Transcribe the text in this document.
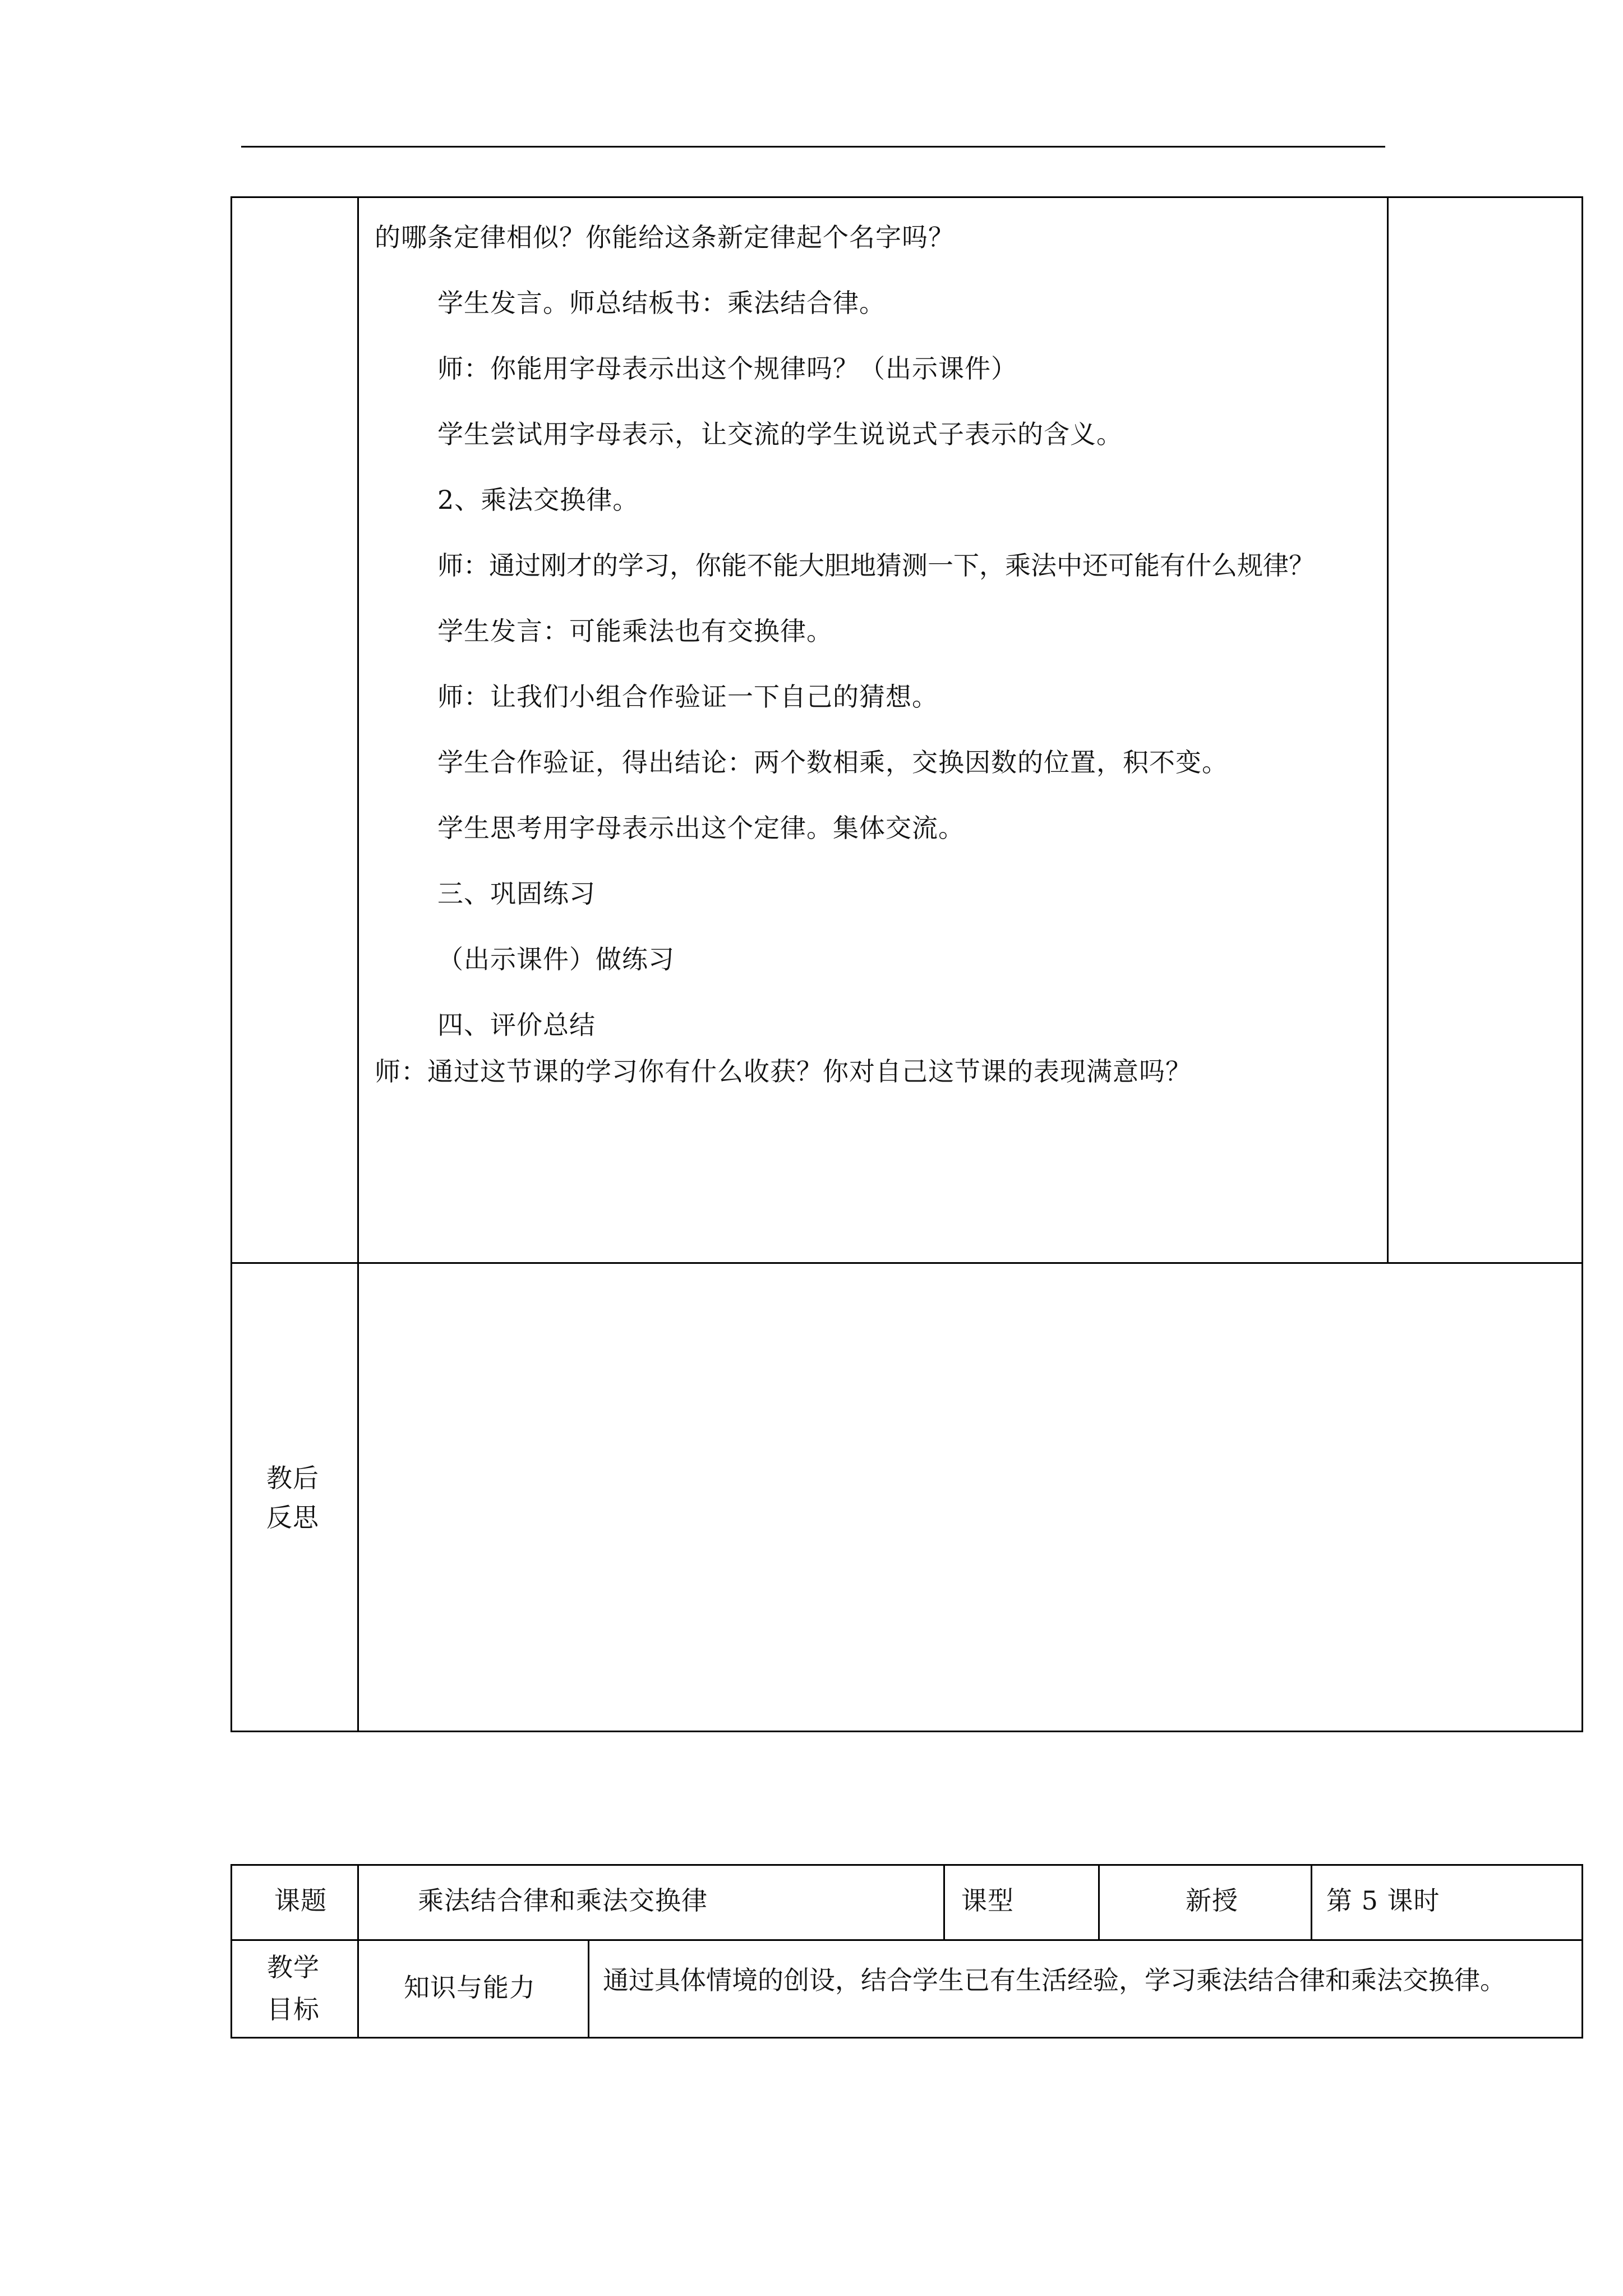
的哪条定律相似？你能给这条新定律起个名字吗？
学生发言。师总结板书：乘法结合律。
师：你能用字母表示出这个规律吗？（出示课件）
学生尝试用字母表示，让交流的学生说说式子表示的含义。
2、乘法交换律。
师：通过刚才的学习，你能不能大胆地猜测一下，乘法中还可能有什么规律？
学生发言：可能乘法也有交换律。
师：让我们小组合作验证一下自己的猜想。
学生合作验证，得出结论：两个数相乘，交换因数的位置，积不变。
学生思考用字母表示出这个定律。集体交流。
三、巩固练习
（出示课件）做练习
四、评价总结
师：通过这节课的学习你有什么收获？你对自己这节课的表现满意吗？
教后
反思
课题	乘法结合律和乘法交换律	课型	新授	第 5 课时
教学
目标
知识与能力	通过具体情境的创设，结合学生已有生活经验，学习乘法结合律和乘法交换律。
